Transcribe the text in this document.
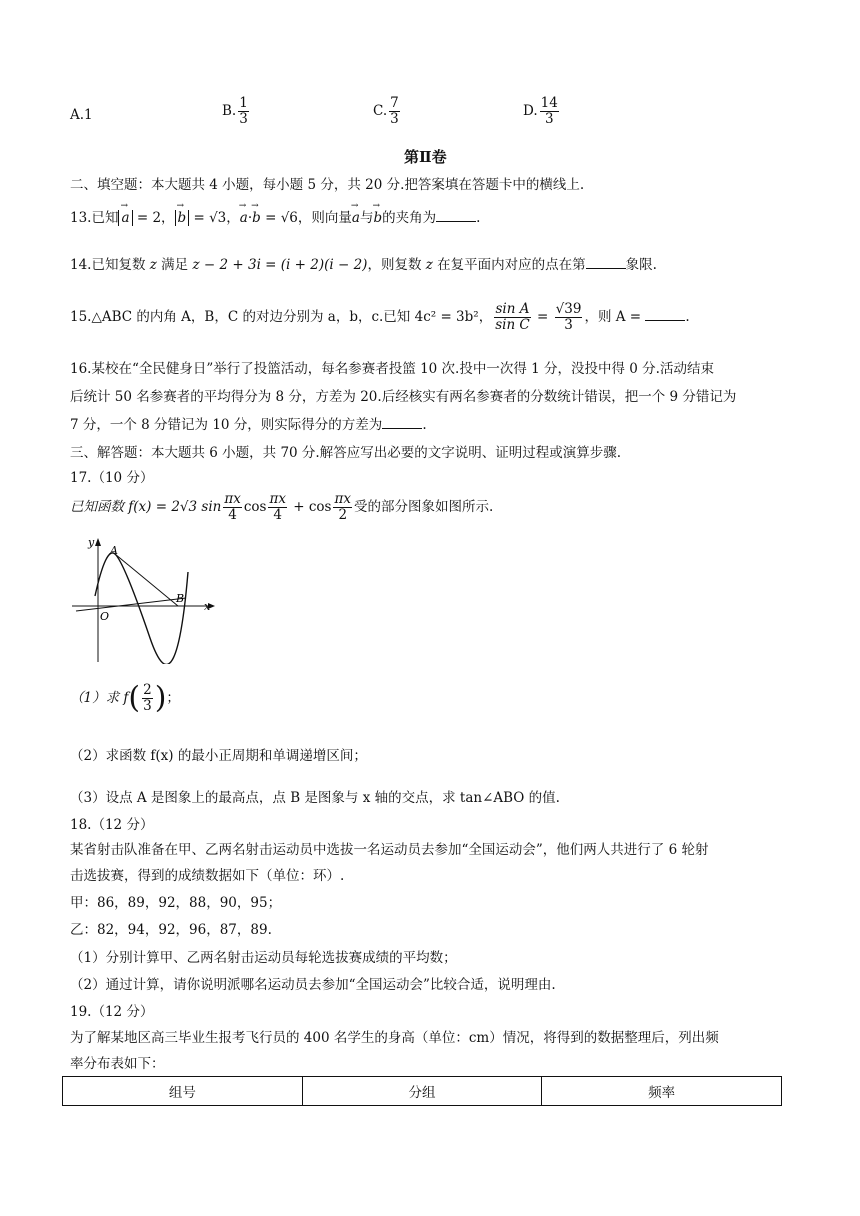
A.1	B. $\frac{1}{3}$	C. $\frac{7}{3}$	D. $\frac{14}{3}$
第Ⅱ卷
二、填空题：本大题共 4 小题，每小题 5 分，共 20 分.把答案填在答题卡中的横线上.
13.已知 → a = 2， → b = √3，→ a·→ b = √6，则向量→ a与→ b的夹角为	.
14.已知复数 z 满足 z − 2 + 3i = (i + 2)(i − 2)，则复数 z 在复平面内对应的点在第	象限.
15.△ABC 的内角 A，B，C 的对边分别为 a，b，c.已知 4c² = 3b²， $\frac{\text{sin A}}{\text{sin C}} = \frac{√39}{3}$ ，则 A =	.
16.某校在“全民健身日”举行了投篮活动，每名参赛者投篮 10 次.投中一次得 1 分，没投中得 0 分.活动结束
后统计 50 名参赛者的平均得分为 8 分，方差为 20.后经核实有两名参赛者的分数统计错误，把一个 9 分错记为
7 分，一个 8 分错记为 10 分，则实际得分的方差为	.
三、解答题：本大题共 6 小题，共 70 分.解答应写出必要的文字说明、证明过程或演算步骤.
17.（10 分）
已知函数 f(x) = 2√3 $\sin \frac{\pi x}{4}$ $\cos \frac{\pi x}{4} + \cos \frac{\pi x}{2}$ 受的部分图象如图所示.
y
A
O
B
x
（1）求 $f( \frac{2}{3}$ )；
（2）求函数 f(x) 的最小正周期和单调递增区间；
（3）设点 A 是图象上的最高点，点 B 是图象与 x 轴的交点，求 tan∠ABO 的值.
18.（12 分）
某省射击队准备在甲、乙两名射击运动员中选拔一名运动员去参加“全国运动会”，他们两人共进行了 6 轮射
击选拔赛，得到的成绩数据如下（单位：环）.
甲：86，89，92，88，90，95；
乙：82，94，92，96，87，89.
（1）分别计算甲、乙两名射击运动员每轮选拔赛成绩的平均数；
（2）通过计算，请你说明派哪名运动员去参加“全国运动会”比较合适，说明理由.
19.（12 分）
为了解某地区高三毕业生报考飞行员的 400 名学生的身高（单位：cm）情况，将得到的数据整理后，列出频
率分布表如下：
组号	分组	频率
